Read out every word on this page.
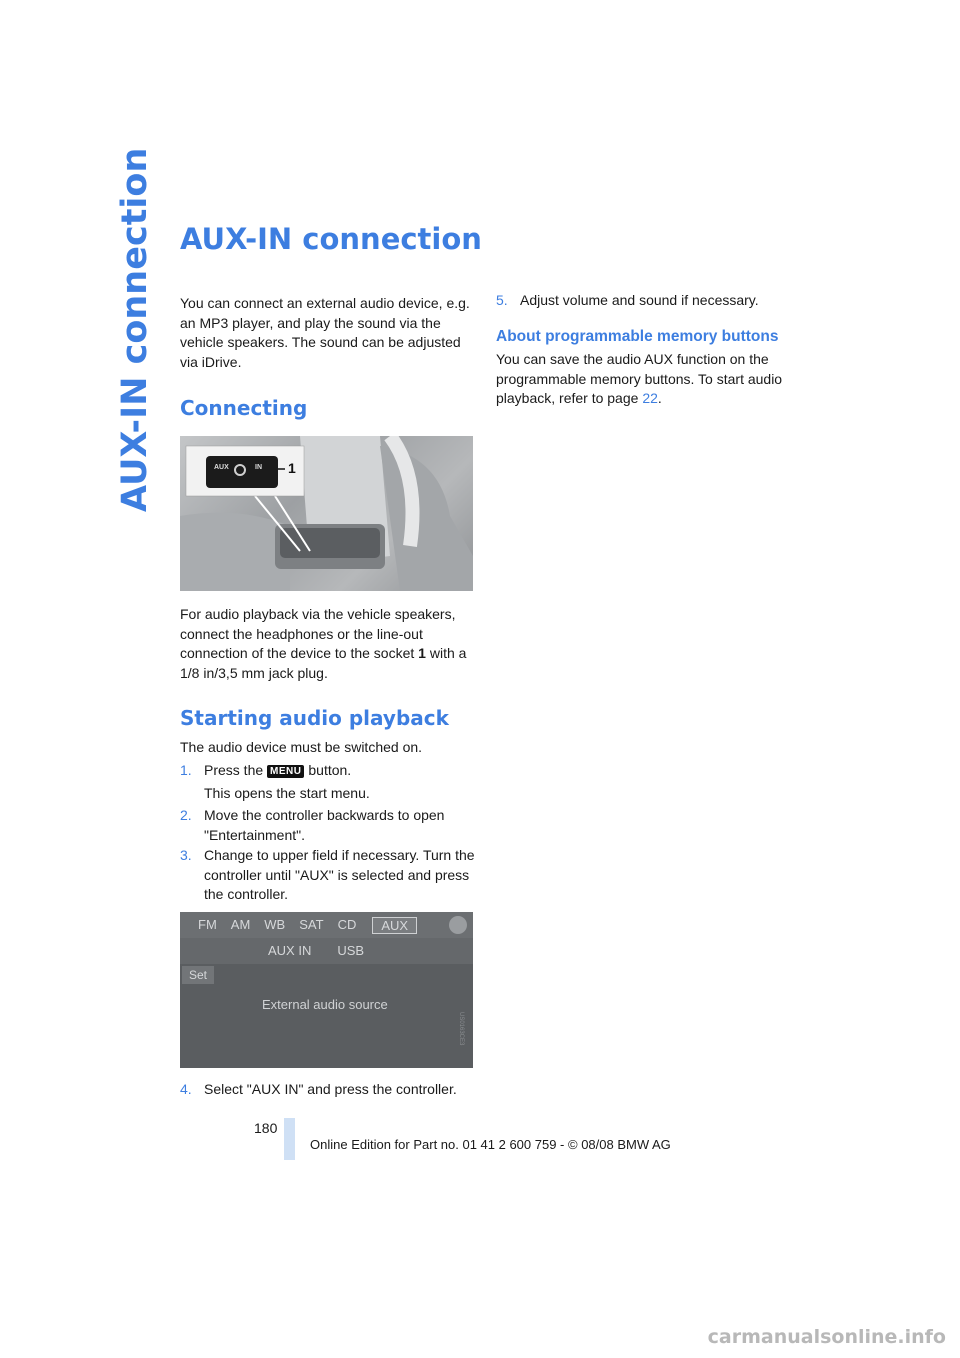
AUX-IN connection AUX-IN connection

You can connect an external audio device, e.g. an MP3 player, and play the sound via the vehicle speakers. The sound can be adjusted via iDrive.

Connecting
AUX	IN 1

For audio playback via the vehicle speakers, connect the headphones or the line-out connection of the device to the socket 1 with a 1/8 in/3,5 mm jack plug.

Starting audio playback

The audio device must be switched on.

1. Press the MENU button.

This opens the start menu.

2. Move the controller backwards to open "Entertainment".

3. Change to upper field if necessary. Turn the controller until "AUX" is selected and press the controller.

FM AM WB SAT CD	AUX
AUX IN USB
Set
External audio source
US0163CE3
4. Select "AUX IN" and press the controller.

5. Adjust volume and sound if necessary.

About programmable memory buttons

You can save the audio AUX function on the programmable memory buttons. To start audio playback, refer to page 22.

180
Online Edition for Part no. 01 41 2 600 759 - © 08/08 BMW AG
carmanualsonline.info
